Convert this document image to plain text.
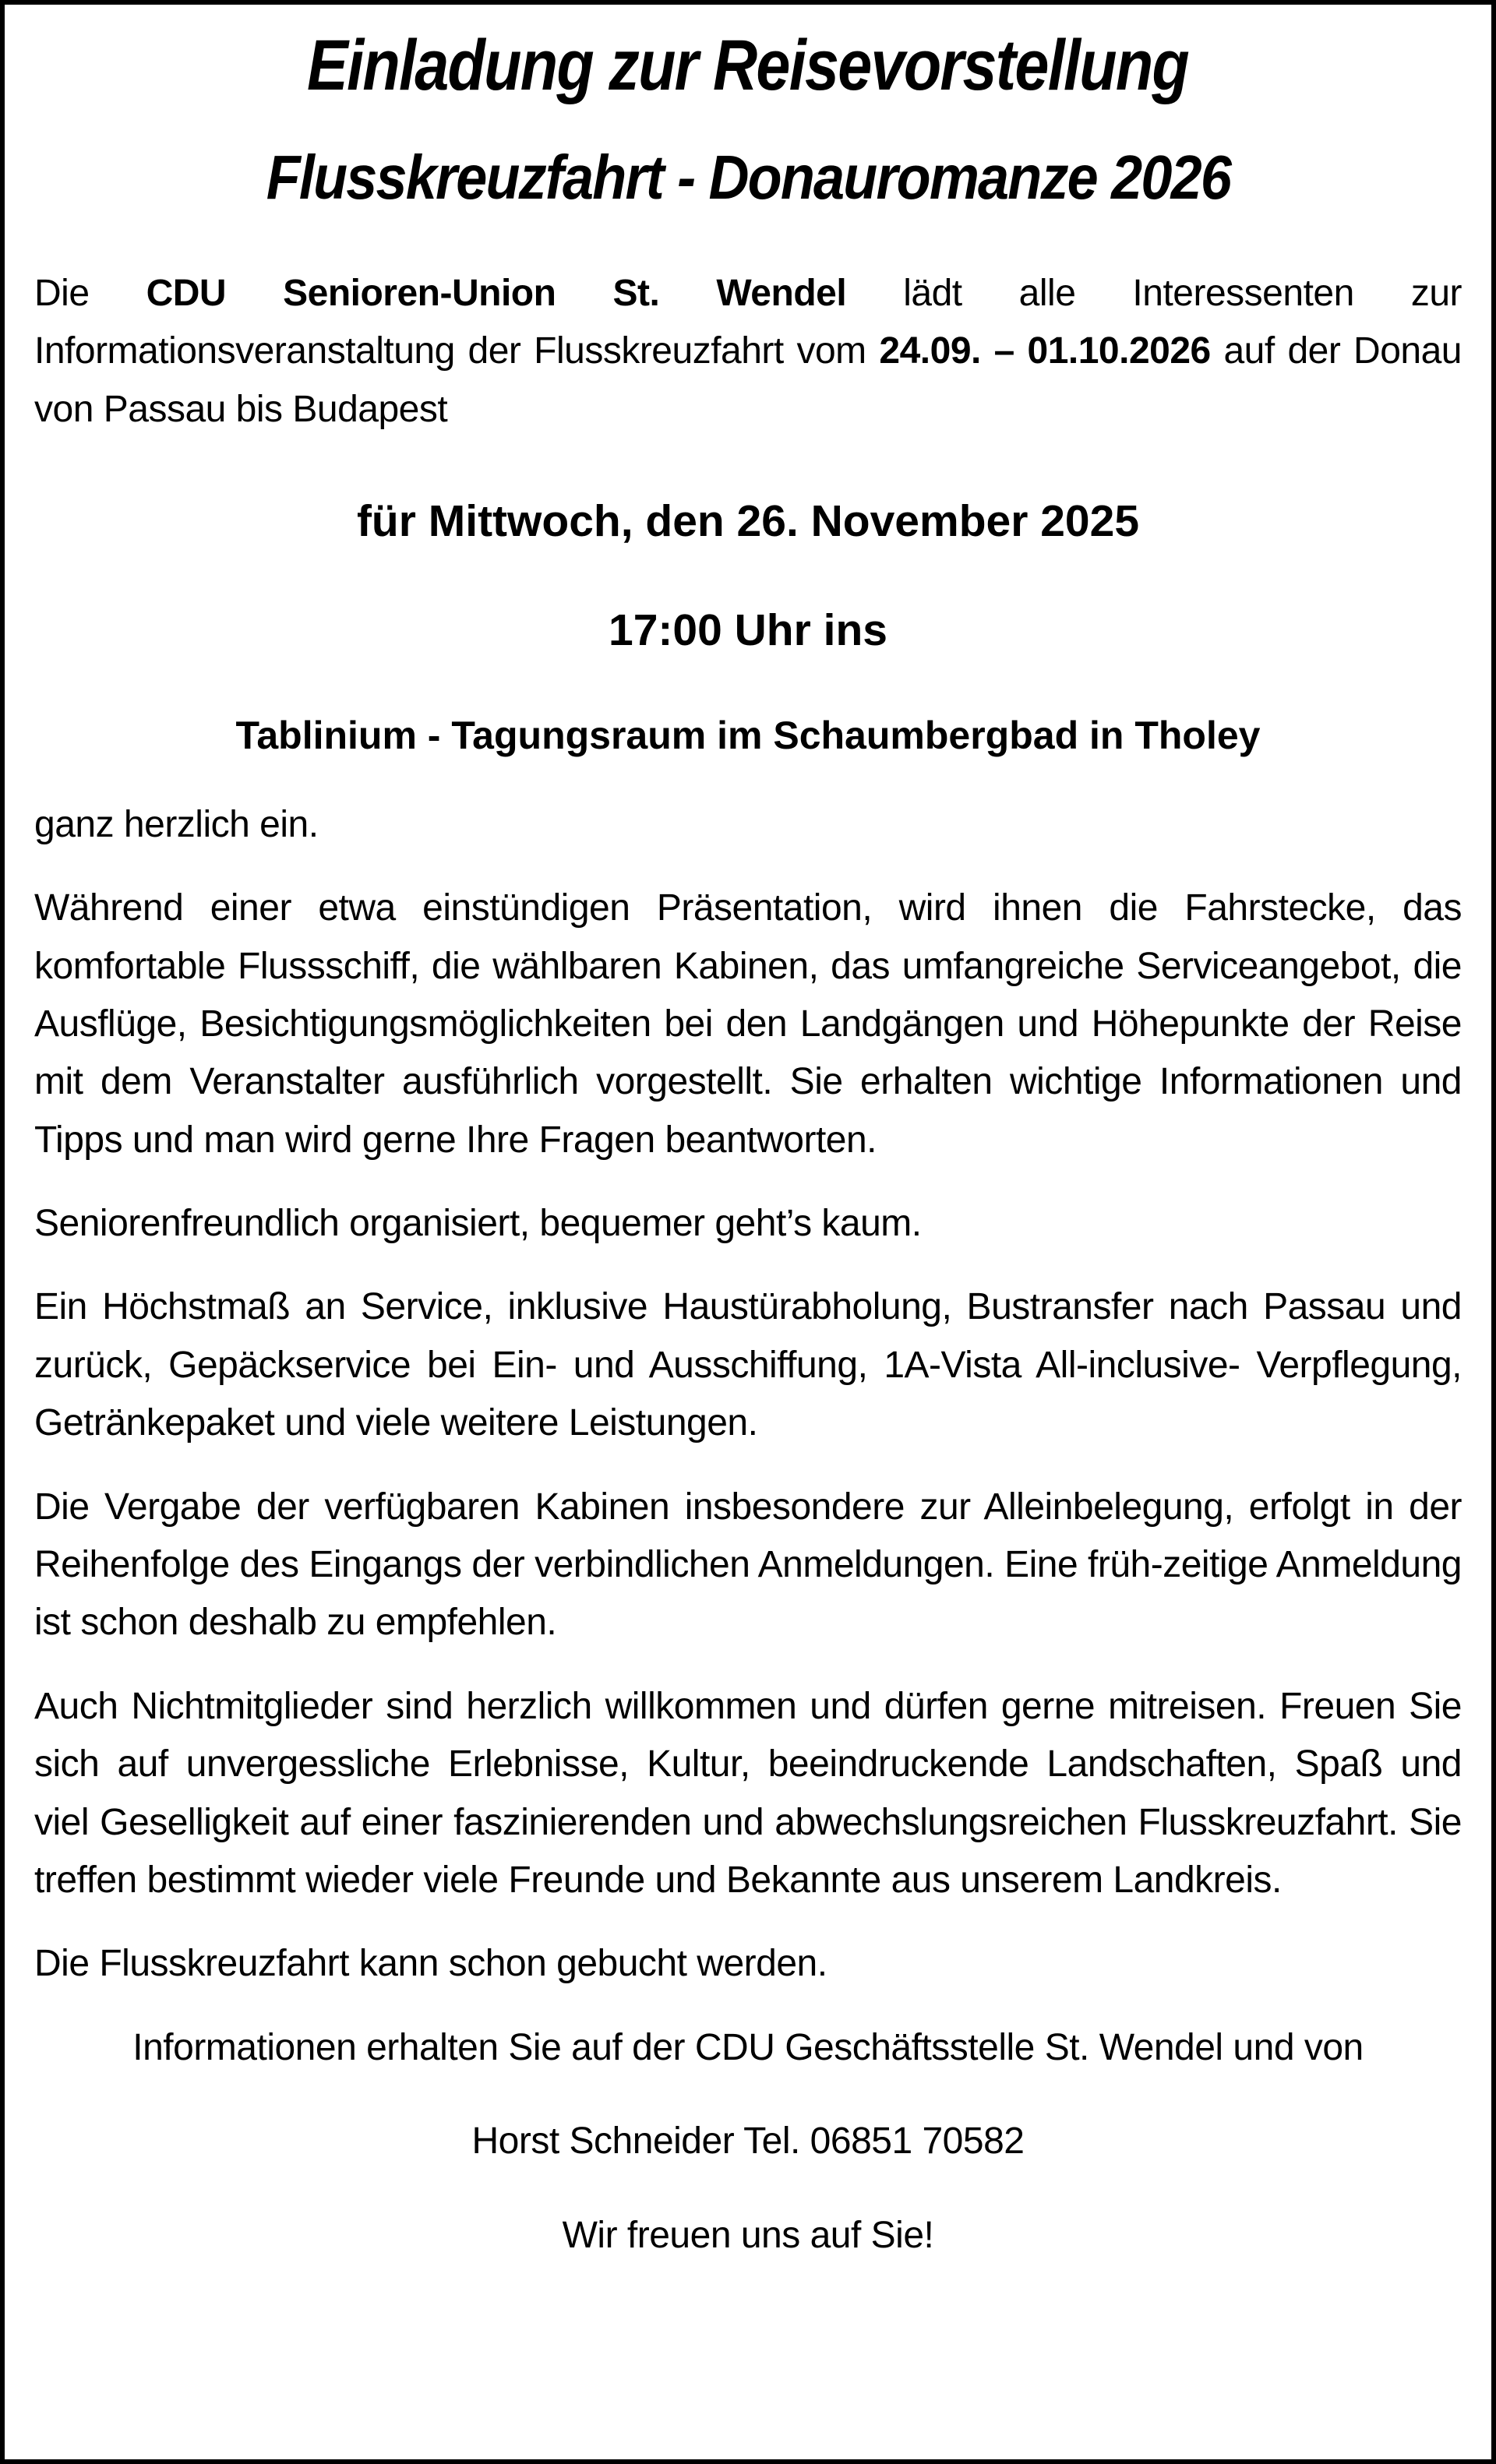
Einladung zur Reisevorstellung
Flusskreuzfahrt - Donauromanze 2026

Die CDU Senioren-Union St. Wendel lädt alle Interessenten zur Informationsveranstaltung der Flusskreuzfahrt vom 24.09. – 01.10.2026 auf der Donau von Passau bis Budapest

für Mittwoch, den 26. November 2025
17:00 Uhr ins
Tablinium - Tagungsraum im Schaumbergbad in Tholey

ganz herzlich ein.

Während einer etwa einstündigen Präsentation, wird ihnen die Fahrstecke, das komfortable Flussschiff, die wählbaren Kabinen, das umfangreiche Serviceangebot, die Ausflüge, Besichtigungsmöglichkeiten bei den Landgängen und Höhepunkte der Reise mit dem Veranstalter ausführlich vorgestellt. Sie erhalten wichtige Informationen und Tipps und man wird gerne Ihre Fragen beantworten.

Seniorenfreundlich organisiert, bequemer geht’s kaum.

Ein Höchstmaß an Service, inklusive Haustürabholung, Bustransfer nach Passau und zurück, Gepäckservice bei Ein- und Ausschiffung, 1A-Vista All-inclusive- Verpflegung, Getränkepaket und viele weitere Leistungen.

Die Vergabe der verfügbaren Kabinen insbesondere zur Alleinbelegung, erfolgt in der Reihenfolge des Eingangs der verbindlichen Anmeldungen. Eine früh-zeitige Anmeldung ist schon deshalb zu empfehlen.

Auch Nichtmitglieder sind herzlich willkommen und dürfen gerne mitreisen. Freuen Sie sich auf unvergessliche Erlebnisse, Kultur, beeindruckende Landschaften, Spaß und viel Geselligkeit auf einer faszinierenden und abwechslungsreichen Flusskreuzfahrt. Sie treffen bestimmt wieder viele Freunde und Bekannte aus unserem Landkreis.

Die Flusskreuzfahrt kann schon gebucht werden.

Informationen erhalten Sie auf der CDU Geschäftsstelle St. Wendel und von

Horst Schneider Tel. 06851 70582

Wir freuen uns auf Sie!
